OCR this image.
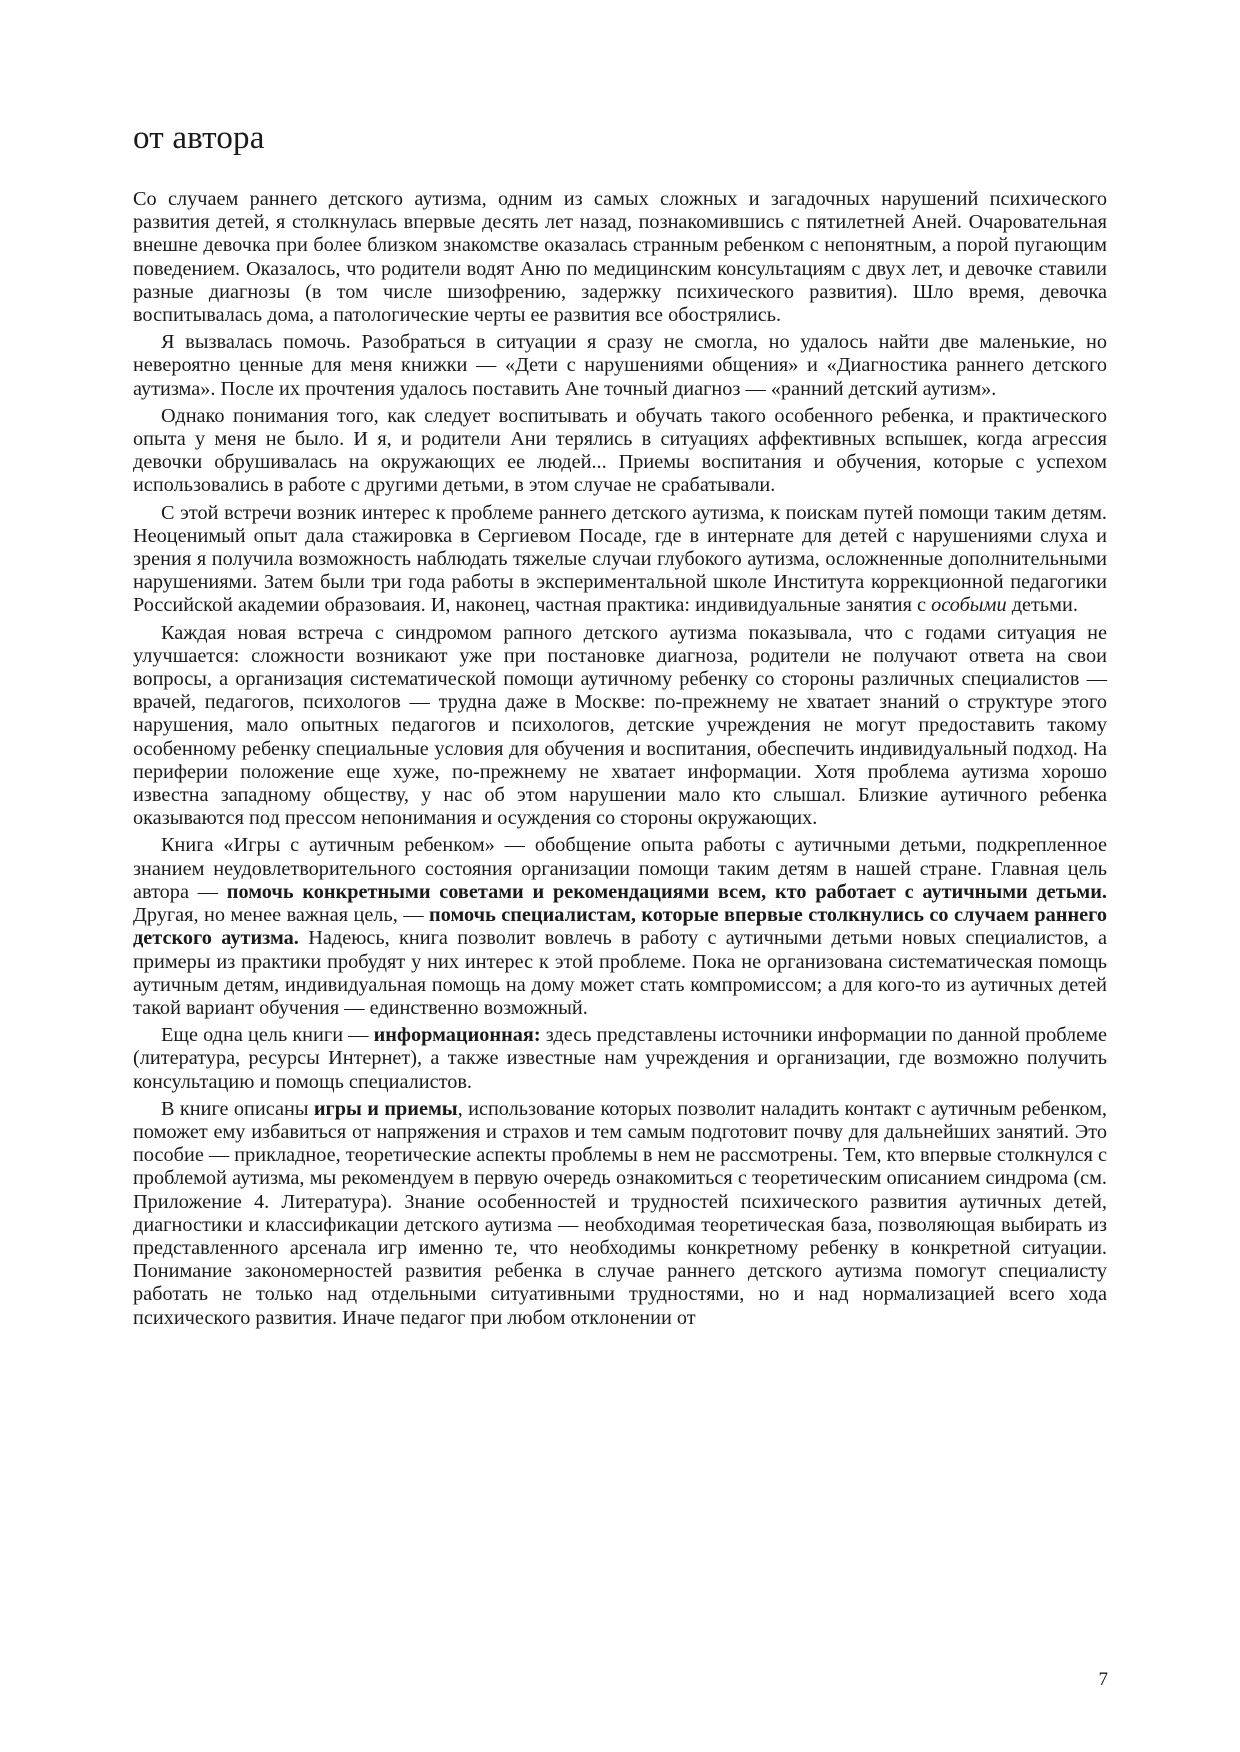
от автора

Со случаем раннего детского аутизма, одним из самых сложных и загадочных нарушений психического развития детей, я столкнулась впервые десять лет назад, познакомившись с пятилетней Аней. Очаровательная внешне девочка при более близком знакомстве оказалась странным ребенком с непонятным, а порой пугающим поведением. Оказалось, что родители водят Аню по медицинским консультациям с двух лет, и девочке ставили разные диагнозы (в том числе шизофрению, задержку психического развития). Шло время, девочка воспитывалась дома, а патологические черты ее развития все обострялись.

Я вызвалась помочь. Разобраться в ситуации я сразу не смогла, но удалось найти две маленькие, но невероятно ценные для меня книжки — «Дети с нарушениями общения» и «Диагностика раннего детского аутизма». После их прочтения удалось поставить Ане точный диагноз — «ранний детский аутизм».

Однако понимания того, как следует воспитывать и обучать такого особенного ребенка, и практического опыта у меня не было. И я, и родители Ани терялись в ситуациях аффективных вспышек, когда агрессия девочки обрушивалась на окружающих ее людей... Приемы воспитания и обучения, которые с успехом использовались в работе с другими детьми, в этом случае не срабатывали.

С этой встречи возник интерес к проблеме раннего детского аутизма, к поискам путей помощи таким детям. Неоценимый опыт дала стажировка в Сергиевом Посаде, где в интернате для детей с нарушениями слуха и зрения я получила возможность наблюдать тяжелые случаи глубокого аутизма, осложненные дополнительными нарушениями. Затем были три года работы в экспериментальной школе Института коррекционной педагогики Российской академии образоваия. И, наконец, частная практика: индивидуальные занятия с особыми детьми.

Каждая новая встреча с синдромом рапного детского аутизма показывала, что с годами ситуация не улучшается: сложности возникают уже при постановке диагноза, родители не получают ответа на свои вопросы, а организация систематической помощи аутичному ребенку со стороны различных специалистов — врачей, педагогов, психологов — трудна даже в Москве: по-прежнему не хватает знаний о структуре этого нарушения, мало опытных педагогов и психологов, детские учреждения не могут предоставить такому особенному ребенку специальные условия для обучения и воспитания, обеспечить индивидуальный подход. На периферии положение еще хуже, по-прежнему не хватает информации. Хотя проблема аутизма хорошо известна западному обществу, у нас об этом нарушении мало кто слышал. Близкие аутичного ребенка оказываются под прессом непонимания и осуждения со стороны окружающих.

Книга «Игры с аутичным ребенком» — обобщение опыта работы с аутичными детьми, подкрепленное знанием неудовлетворительного состояния организации помощи таким детям в нашей стране. Главная цель автора — помочь конкретными советами и рекомендациями всем, кто работает с аутичными детьми. Другая, но менее важная цель, — помочь специалистам, которые впервые столкнулись со случаем раннего детского аутизма. Надеюсь, книга позволит вовлечь в работу с аутичными детьми новых специалистов, а примеры из практики пробудят у них интерес к этой проблеме. Пока не организована систематическая помощь аутичным детям, индивидуальная помощь на дому может стать компромиссом; а для кого-то из аутичных детей такой вариант обучения — единственно возможный.

Еще одна цель книги — информационная: здесь представлены источники информации по данной проблеме (литература, ресурсы Интернет), а также известные нам учреждения и организации, где возможно получить консультацию и помощь специалистов.

В книге описаны игры и приемы, использование которых позволит наладить контакт с аутичным ребенком, поможет ему избавиться от напряжения и страхов и тем самым подготовит почву для дальнейших занятий. Это пособие — прикладное, теоретические аспекты проблемы в нем не рассмотрены. Тем, кто впервые столкнулся с проблемой аутизма, мы рекомендуем в первую очередь ознакомиться с теоретическим описанием синдрома (см. Приложение 4. Литература). Знание особенностей и трудностей психического развития аутичных детей, диагностики и классификации детского аутизма — необходимая теоретическая база, позволяющая выбирать из представленного арсенала игр именно те, что необходимы конкретному ребенку в конкретной ситуации. Понимание закономерностей развития ребенка в случае раннего детского аутизма помогут специалисту работать не только над отдельными ситуативными трудностями, но и над нормализацией всего хода психического развития. Иначе педагог при любом отклонении от

7
